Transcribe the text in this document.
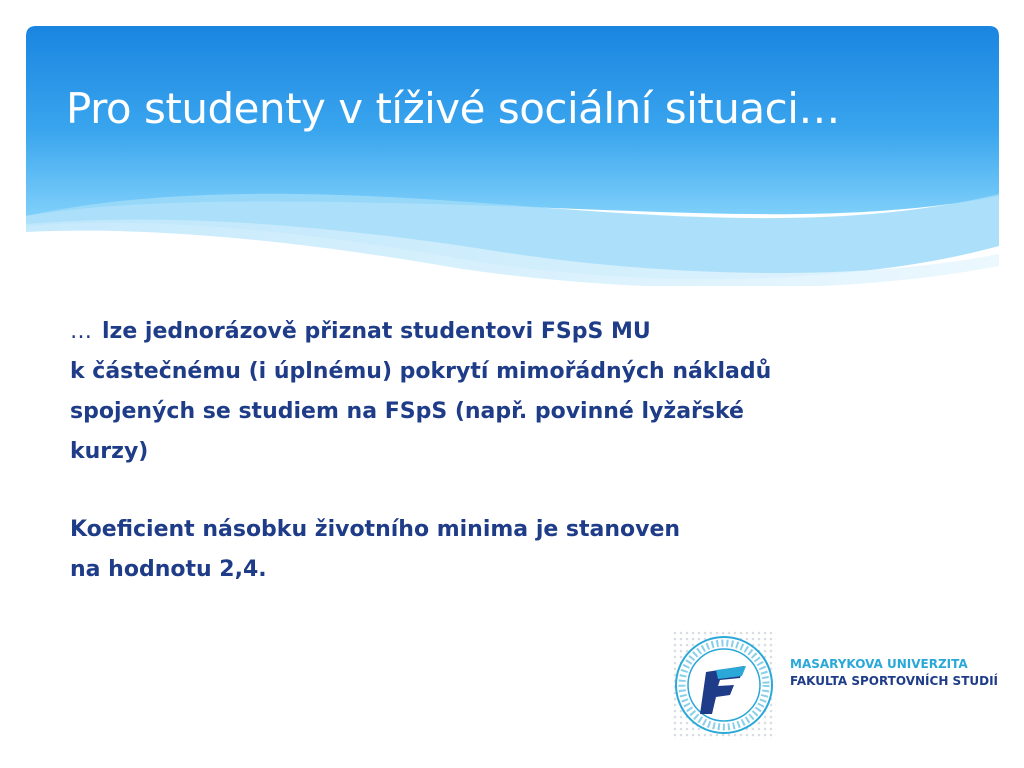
Pro studenty v tíživé sociální situaci…

… lze jednorázově přiznat studentovi FSpS MU

k částečnému (i úplnému) pokrytí mimořádných nákladů

spojených se studiem na FSpS (např. povinné lyžařské

kurzy)

Koeficient násobku životního minima je stanoven

na hodnotu 2,4.

MASARYKOVA UNIVERZITA
FAKULTA SPORTOVNÍCH STUDIÍ
